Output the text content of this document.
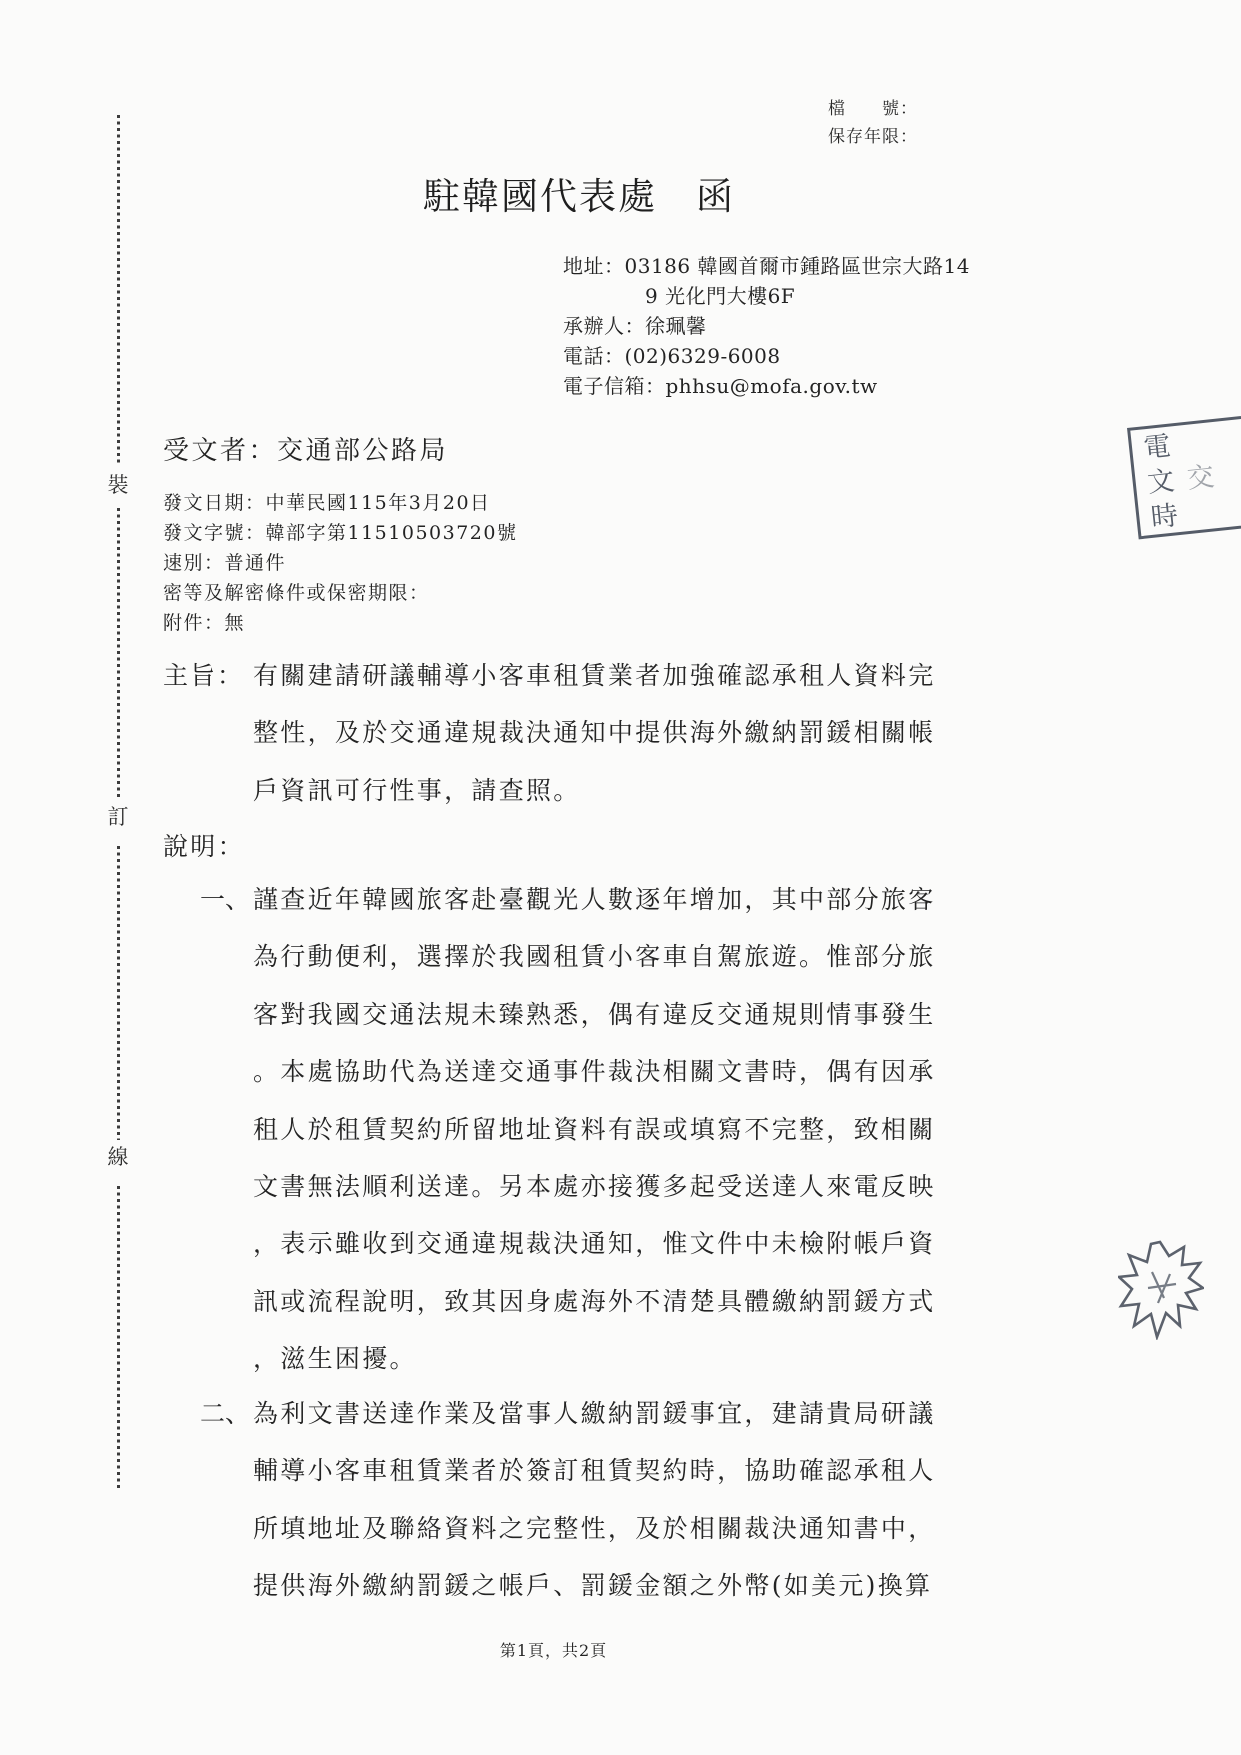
裝
訂
線
檔　　號：
保存年限：
駐韓國代表處　函
地址：03186 韓國首爾市鍾路區世宗大路14
9 光化門大樓6F
承辦人：徐珮馨
電話：(02)6329-6008
電子信箱：phhsu@mofa.gov.tw
受文者：交通部公路局
發文日期：中華民國115年3月20日
發文字號：韓部字第11510503720號
速別：普通件
密等及解密條件或保密期限：
附件：無
主旨： 有關建請研議輔導小客車租賃業者加強確認承租人資料完
整性，及於交通違規裁決通知中提供海外繳納罰鍰相關帳
戶資訊可行性事，請查照。
說明：
一、 謹查近年韓國旅客赴臺觀光人數逐年增加，其中部分旅客
為行動便利，選擇於我國租賃小客車自駕旅遊。惟部分旅
客對我國交通法規未臻熟悉，偶有違反交通規則情事發生
。本處協助代為送達交通事件裁決相關文書時，偶有因承
租人於租賃契約所留地址資料有誤或填寫不完整，致相關
文書無法順利送達。另本處亦接獲多起受送達人來電反映
，表示雖收到交通違規裁決通知，惟文件中未檢附帳戶資
訊或流程說明，致其因身處海外不清楚具體繳納罰鍰方式
，滋生困擾。
二、 為利文書送達作業及當事人繳納罰鍰事宜，建請貴局研議
輔導小客車租賃業者於簽訂租賃契約時，協助確認承租人
所填地址及聯絡資料之完整性，及於相關裁決通知書中，
提供海外繳納罰鍰之帳戶、罰鍰金額之外幣(如美元)換算
電
文
時
交
第1頁，共2頁
